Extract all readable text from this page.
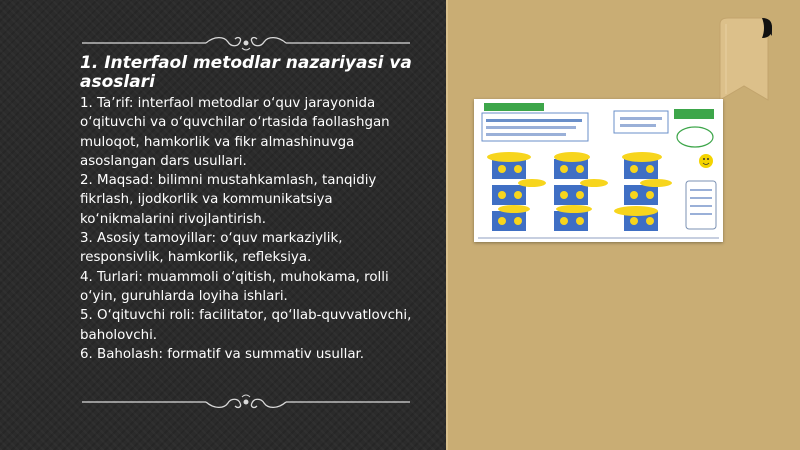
1. Interfaol metodlar nazariyasi va asoslari

1. Ta’rif: interfaol metodlar o‘quv jarayonida o‘qituvchi va o‘quvchilar o‘rtasida faollashgan muloqot, hamkorlik va fikr almashinuvga asoslangan dars usullari.

2. Maqsad: bilimni mustahkamlash, tanqidiy fikrlash, ijodkorlik va kommunikatsiya ko‘nikmalarini rivojlantirish.

3. Asosiy tamoyillar: o‘quv markaziylik, responsivlik, hamkorlik, refleksiya.

4. Turlari: muammoli o‘qitish, muhokama, rolli o‘yin, guruhlarda loyiha ishlari.

5. O‘qituvchi roli: facilitator, qo‘llab-quvvatlovchi, baholovchi.

6. Baholash: formatif va summativ usullar.
